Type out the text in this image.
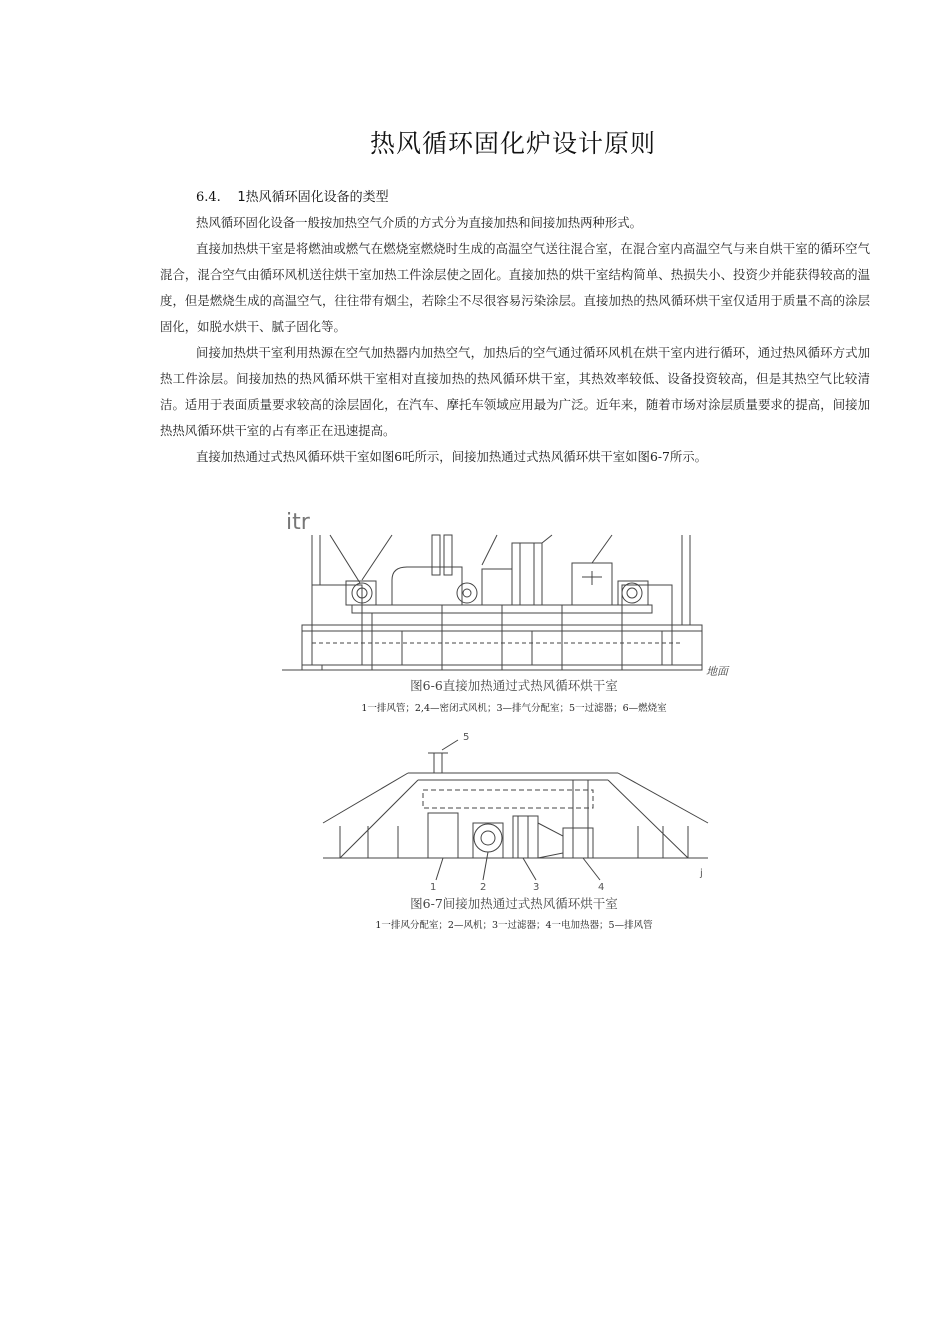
热风循环固化炉设计原则
6.4. 1热风循环固化设备的类型

热风循环固化设备一般按加热空气介质的方式分为直接加热和间接加热两种形式。

直接加热烘干室是将燃油或燃气在燃烧室燃烧时生成的高温空气送往混合室，在混合室内高温空气与来自烘干室的循环空气混合，混合空气由循环风机送往烘干室加热工件涂层使之固化。直接加热的烘干室结构简单、热损失小、投资少并能获得较高的温度，但是燃烧生成的高温空气，往往带有烟尘，若除尘不尽很容易污染涂层。直接加热的热风循环烘干室仅适用于质量不高的涂层固化，如脱水烘干、腻子固化等。

间接加热烘干室利用热源在空气加热器内加热空气，加热后的空气通过循环风机在烘干室内进行循环，通过热风循环方式加热工件涂层。间接加热的热风循环烘干室相对直接加热的热风循环烘干室，其热效率较低、设备投资较高，但是其热空气比较清洁。适用于表面质量要求较高的涂层固化，在汽车、摩托车领域应用最为广泛。近年来，随着市场对涂层质量要求的提高，间接加热热风循环烘干室的占有率正在迅速提高。

直接加热通过式热风循环烘干室如图6吒所示，间接加热通过式热风循环烘干室如图6-7所示。

itr
地面
图6-6直接加热通过式热风循环烘干室
1一排风管；2,4—密闭式风机；3—排气分配室；5一过滤器；6—燃烧室
5
1	2	3	4
j
图6-7间接加热通过式热风循环烘干室
1一排风分配室；2—风机；3一过滤器；4一电加热器；5—排风管
